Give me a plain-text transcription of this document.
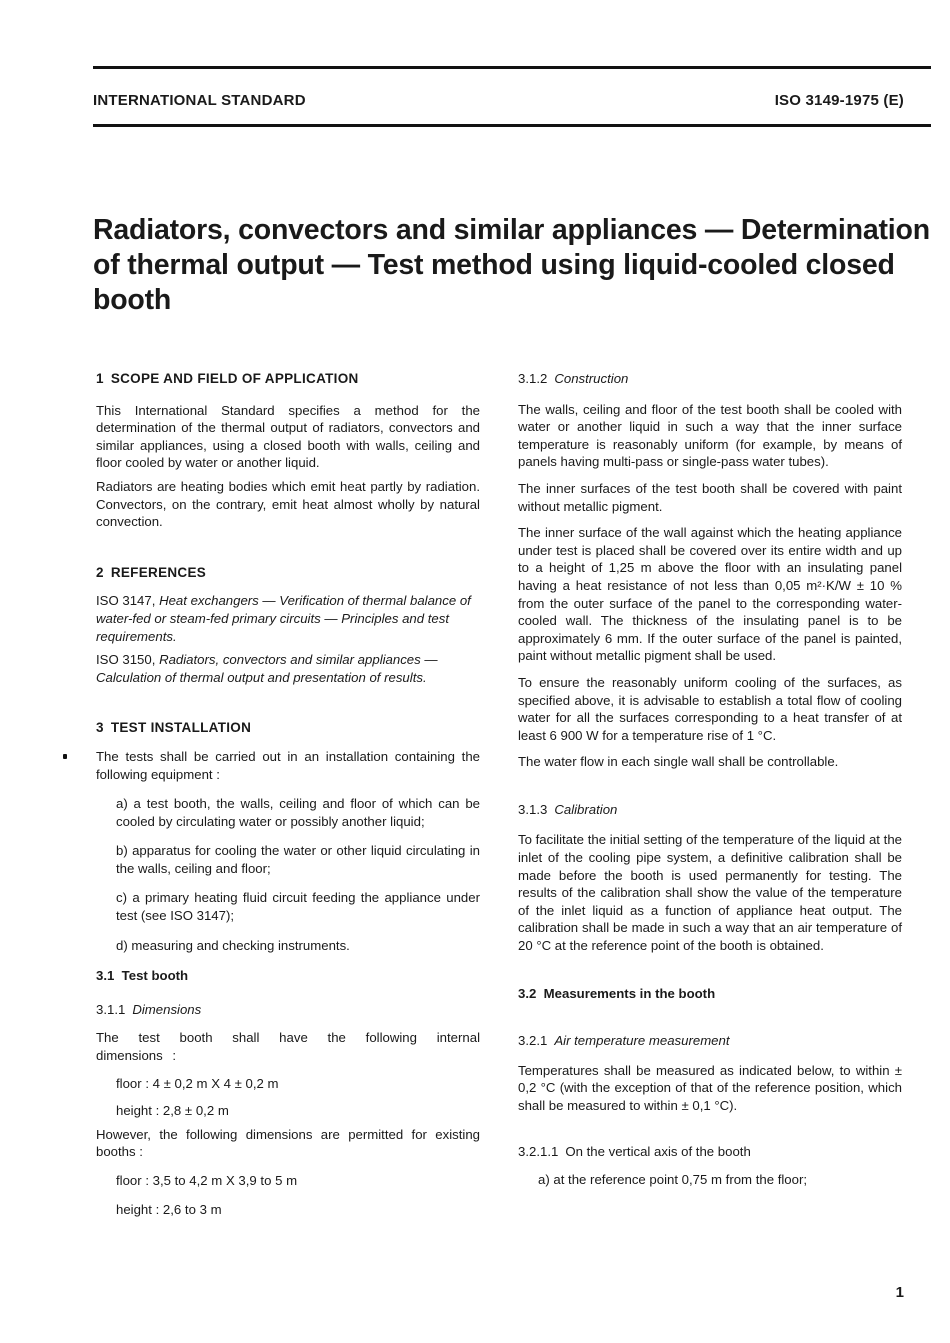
INTERNATIONAL STANDARD	ISO 3149-1975 (E)
Radiators, convectors and similar appliances — Determination of thermal output — Test method using liquid-cooled closed booth

1 SCOPE AND FIELD OF APPLICATION

This International Standard specifies a method for the determination of the thermal output of radiators, convectors and similar appliances, using a closed booth with walls, ceiling and floor cooled by water or another liquid.

Radiators are heating bodies which emit heat partly by radiation. Convectors, on the contrary, emit heat almost wholly by natural convection.

2 REFERENCES

ISO 3147, Heat exchangers — Verification of thermal balance of water-fed or steam-fed primary circuits — Principles and test requirements.

ISO 3150, Radiators, convectors and similar appliances — Calculation of thermal output and presentation of results.

3 TEST INSTALLATION

The tests shall be carried out in an installation containing the following equipment :

a) a test booth, the walls, ceiling and floor of which can be cooled by circulating water or possibly another liquid;

b) apparatus for cooling the water or other liquid circulating in the walls, ceiling and floor;

c) a primary heating fluid circuit feeding the appliance under test (see ISO 3147);

d) measuring and checking instruments.

3.1 Test booth

3.1.1 Dimensions

The test booth shall have the following internal dimensions :

floor : 4 ± 0,2 m X 4 ± 0,2 m

height : 2,8 ± 0,2 m

However, the following dimensions are permitted for existing booths :

floor : 3,5 to 4,2 m X 3,9 to 5 m

height : 2,6 to 3 m

3.1.2 Construction

The walls, ceiling and floor of the test booth shall be cooled with water or another liquid in such a way that the inner surface temperature is reasonably uniform (for example, by means of panels having multi-pass or single-pass water tubes).

The inner surfaces of the test booth shall be covered with paint without metallic pigment.

The inner surface of the wall against which the heating appliance under test is placed shall be covered over its entire width and up to a height of 1,25 m above the floor with an insulating panel having a heat resistance of not less than 0,05 m²·K/W ± 10 % from the outer surface of the panel to the corresponding water-cooled wall. The thickness of the insulating panel is to be approximately 6 mm. If the outer surface of the panel is painted, paint without metallic pigment shall be used.

To ensure the reasonably uniform cooling of the surfaces, as specified above, it is advisable to establish a total flow of cooling water for all the surfaces corresponding to a heat transfer of at least 6 900 W for a temperature rise of 1 °C.

The water flow in each single wall shall be controllable.

3.1.3 Calibration

To facilitate the initial setting of the temperature of the liquid at the inlet of the cooling pipe system, a definitive calibration shall be made before the booth is used permanently for testing. The results of the calibration shall show the value of the temperature of the inlet liquid as a function of appliance heat output. The calibration shall be made in such a way that an air temperature of 20 °C at the reference point of the booth is obtained.

3.2 Measurements in the booth

3.2.1 Air temperature measurement

Temperatures shall be measured as indicated below, to within ± 0,2 °C (with the exception of that of the reference position, which shall be measured to within ± 0,1 °C).

3.2.1.1 On the vertical axis of the booth

a) at the reference point 0,75 m from the floor;

1
